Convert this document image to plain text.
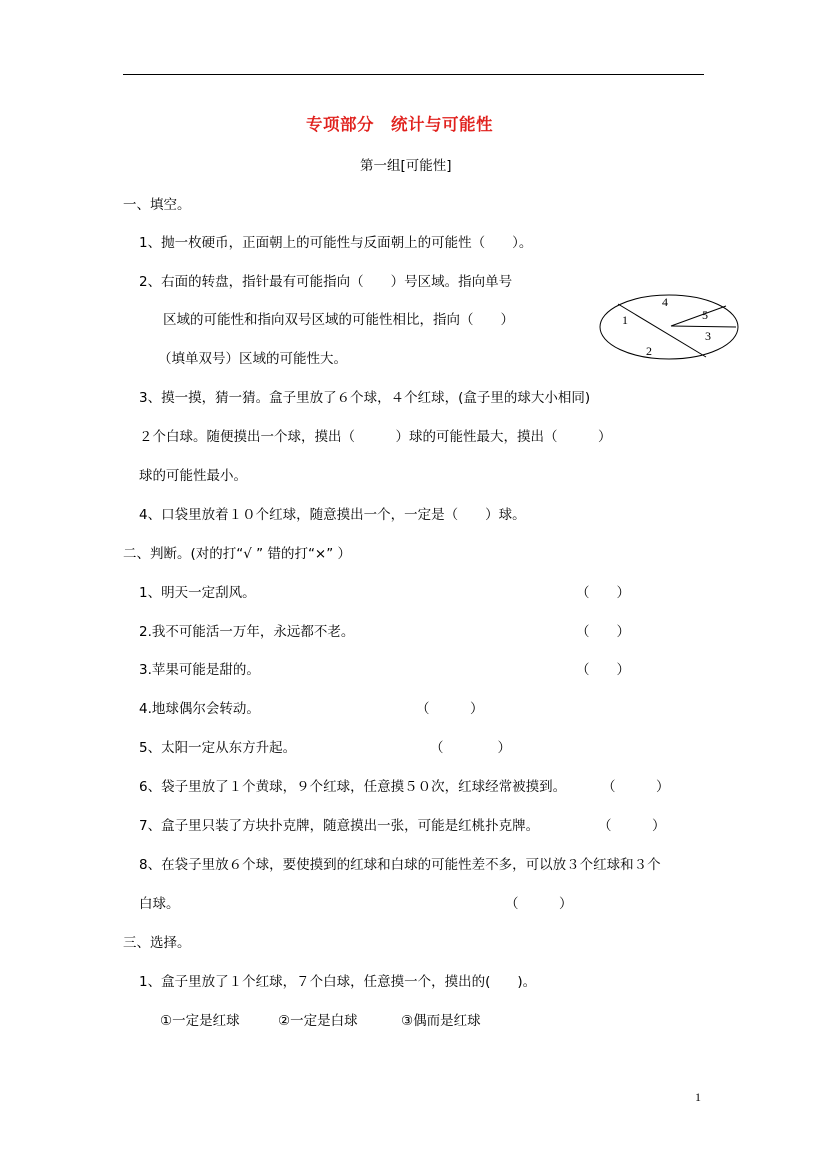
专项部分　统计与可能性
第一组[可能性]
一、填空。
1、抛一枚硬币，正面朝上的可能性与反面朝上的可能性（　　）。
2、右面的转盘，指针最有可能指向（　　）号区域。指向单号
区域的可能性和指向双号区域的可能性相比，指向（　　）
（填单双号）区域的可能性大。
1
2
3
4
5
3、摸一摸，猜一猜。盒子里放了６个球，４个红球，(盒子里的球大小相同)
２个白球。随便摸出一个球，摸出（　　　）球的可能性最大，摸出（　　　）
球的可能性最小。
4、口袋里放着１０个红球，随意摸出一个，一定是（　　）球。
二、判断。(对的打“√ ” 错的打“×” ）
1、明天一定刮风。	（　　）
2.我不可能活一万年，永远都不老。	（　　）
3.苹果可能是甜的。	（　　）
4.地球偶尔会转动。	（　　　）
5、太阳一定从东方升起。	（　　　　）
6、袋子里放了１个黄球，９个红球，任意摸５０次，红球经常被摸到。	（　　　）
7、盒子里只装了方块扑克牌，随意摸出一张，可能是红桃扑克牌。	（　　　）
8、在袋子里放６个球，要使摸到的红球和白球的可能性差不多，可以放３个红球和３个
白球。	（　　　）
三、选择。
1、盒子里放了１个红球，７个白球，任意摸一个，摸出的(　　)。
①一定是红球	②一定是白球	③偶而是红球
1
